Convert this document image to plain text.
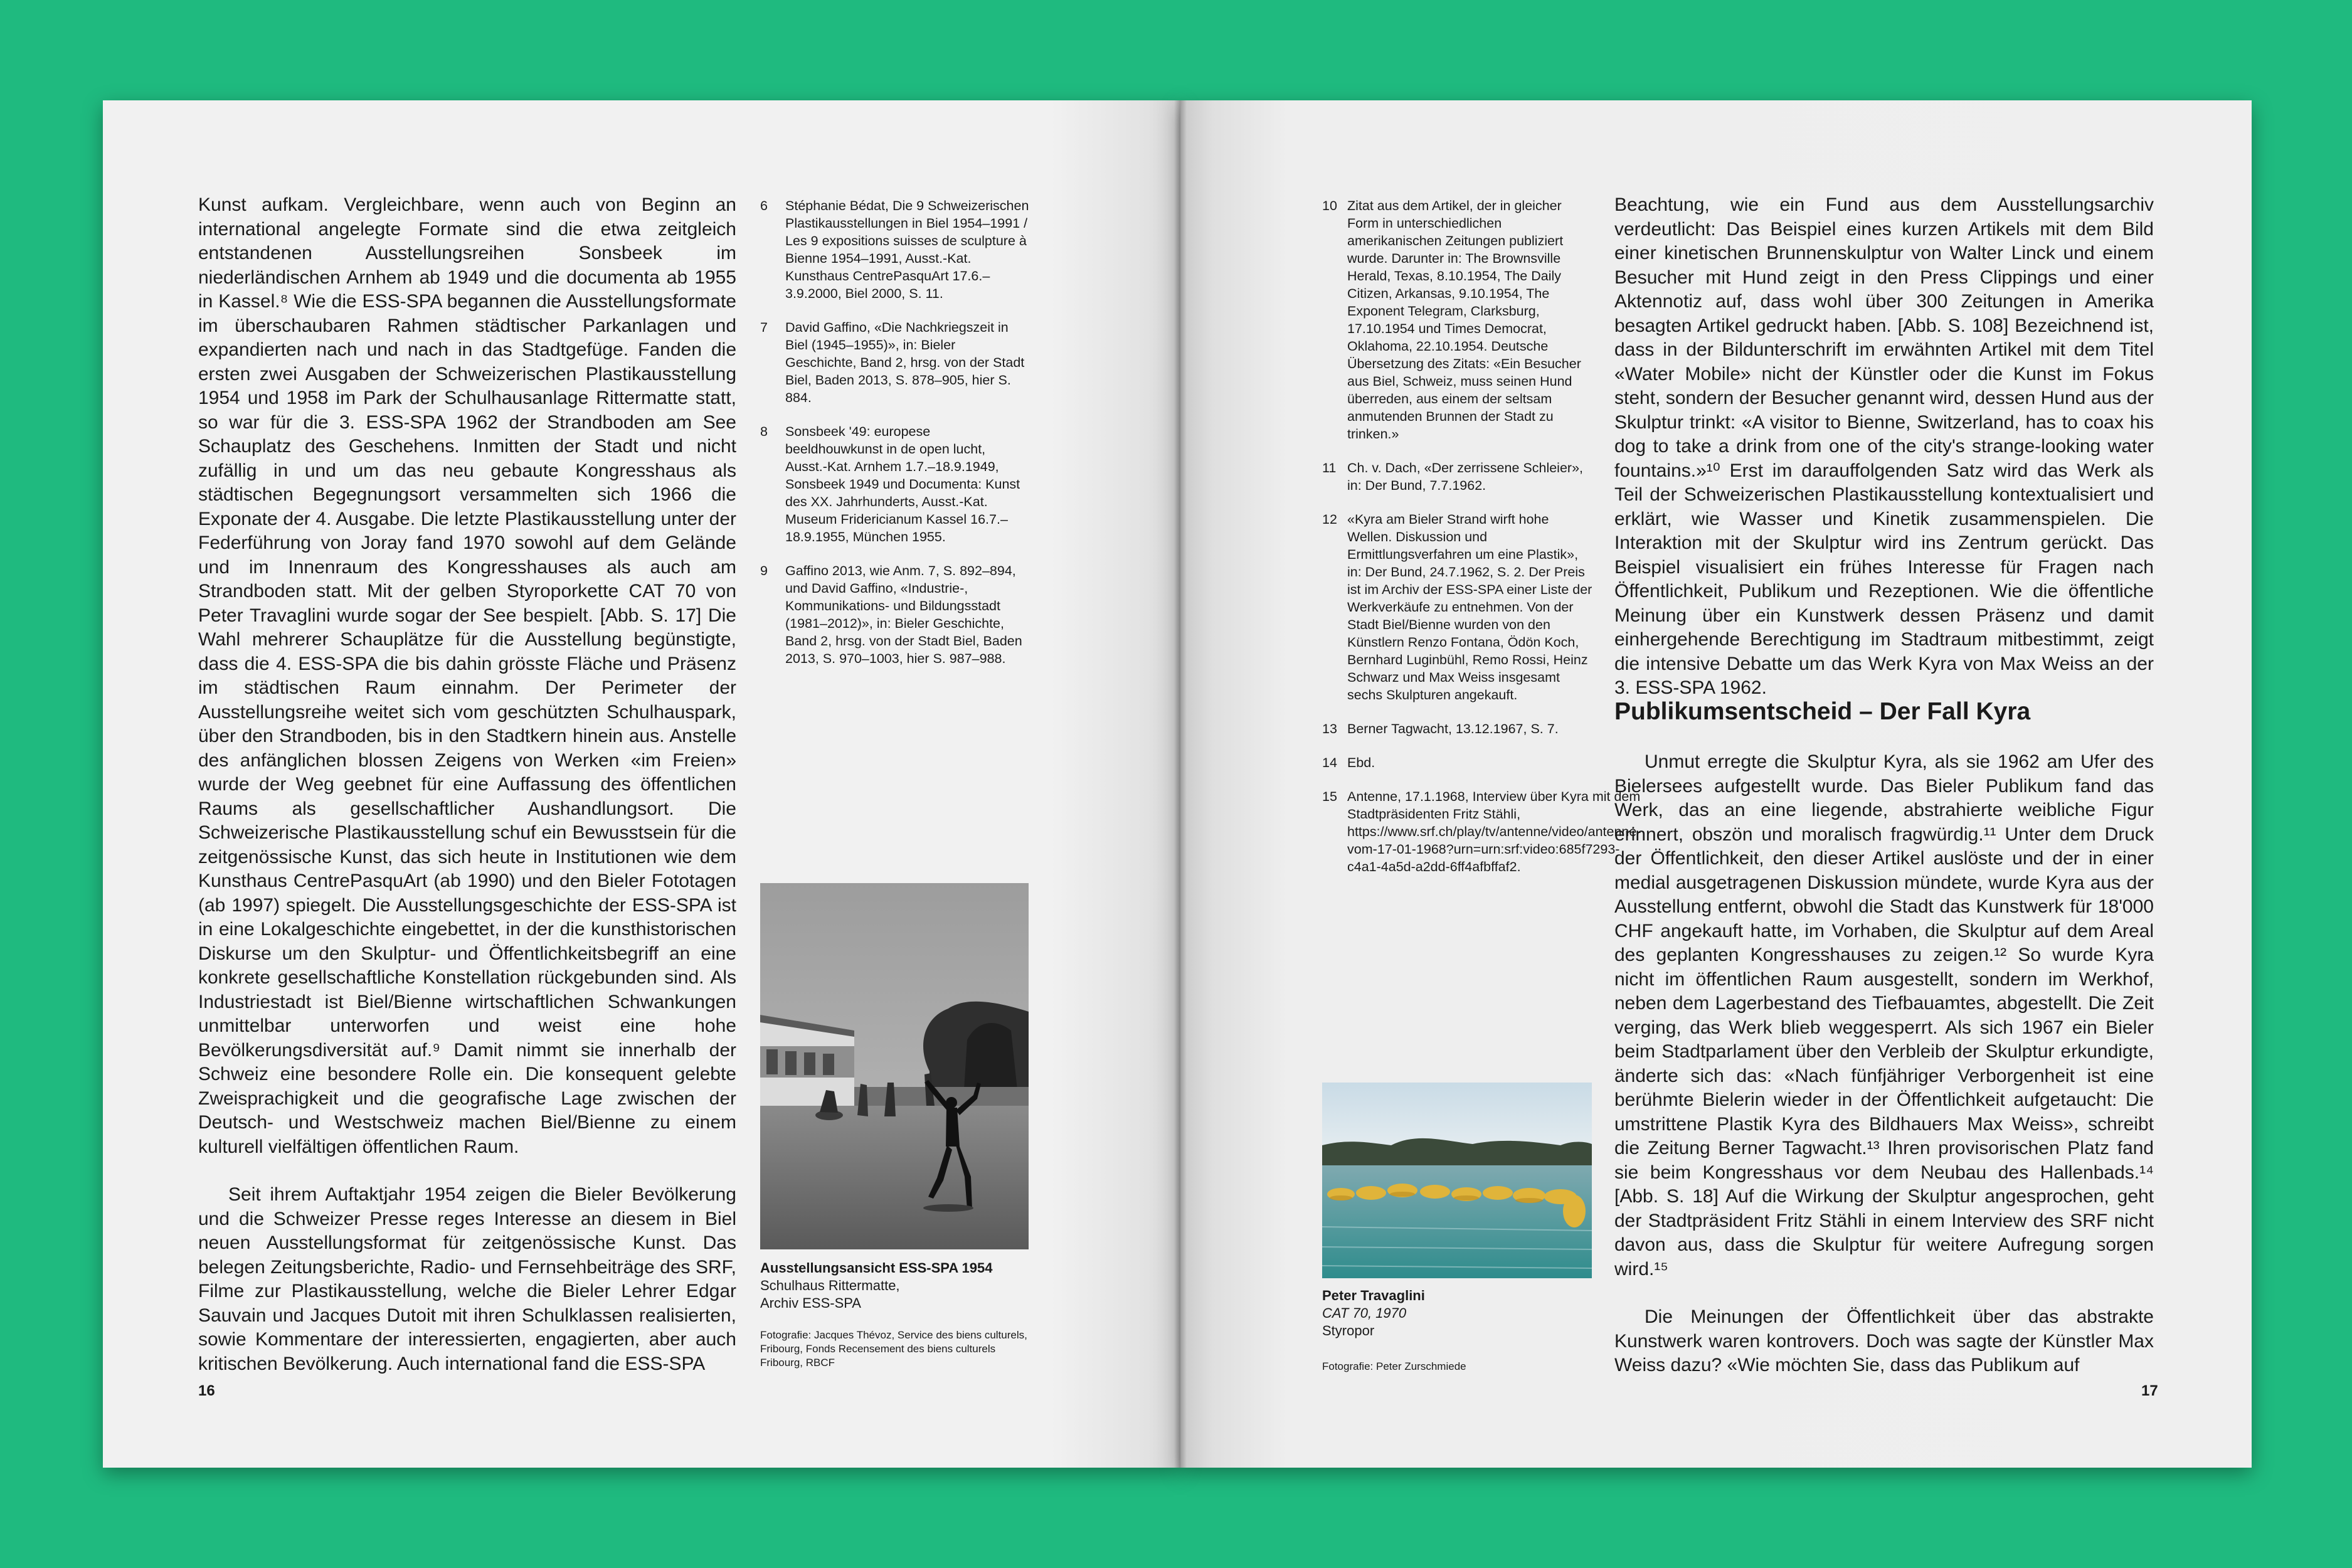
Kunst aufkam. Vergleichbare, wenn auch von Beginn an international angelegte Formate sind die etwa zeitgleich entstandenen Ausstellungsreihen Sonsbeek im niederländischen Arnhem ab 1949 und die documenta ab 1955 in Kassel.⁸ Wie die ESS-SPA begannen die Ausstellungsformate im überschaubaren Rahmen städtischer Parkanlagen und expandierten nach und nach in das Stadtgefüge. Fanden die ersten zwei Ausgaben der Schweizerischen Plastikausstellung 1954 und 1958 im Park der Schulhausanlage Rittermatte statt, so war für die 3. ESS-SPA 1962 der Strandboden am See Schauplatz des Geschehens. Inmitten der Stadt und nicht zufällig in und um das neu gebaute Kongresshaus als städtischen Begegnungsort versammelten sich 1966 die Exponate der 4. Ausgabe. Die letzte Plastikausstellung unter der Federführung von Joray fand 1970 sowohl auf dem Gelände und im Innenraum des Kongresshauses als auch am Strandboden statt. Mit der gelben Styroporkette CAT 70 von Peter Travaglini wurde sogar der See bespielt. [Abb. S. 17] Die Wahl mehrerer Schauplätze für die Ausstellung begünstigte, dass die 4. ESS-SPA die bis dahin grösste Fläche und Präsenz im städtischen Raum einnahm. Der Perimeter der Ausstellungsreihe weitet sich vom geschützten Schulhauspark, über den Strandboden, bis in den Stadtkern hinein aus. Anstelle des anfänglichen blossen Zeigens von Werken «im Freien» wurde der Weg geebnet für eine Auffassung des öffentlichen Raums als gesellschaftlicher Aushandlungsort. Die Schweizerische Plastikausstellung schuf ein Bewusstsein für die zeitgenössische Kunst, das sich heute in Institutionen wie dem Kunsthaus CentrePasquArt (ab 1990) und den Bieler Fototagen (ab 1997) spiegelt. Die Ausstellungsgeschichte der ESS-SPA ist in eine Lokalgeschichte eingebettet, in der die kunsthistorischen Diskurse um den Skulptur- und Öffentlichkeitsbegriff an eine konkrete gesellschaftliche Konstellation rückgebunden sind. Als Industriestadt ist Biel/Bienne wirtschaftlichen Schwankungen unmittelbar unterworfen und weist eine hohe Bevölkerungsdiversität auf.⁹ Damit nimmt sie innerhalb der Schweiz eine besondere Rolle ein. Die konsequent gelebte Zweisprachigkeit und die geografische Lage zwischen der Deutsch- und Westschweiz machen Biel/Bienne zu einem kulturell vielfältigen öffentlichen Raum.

Seit ihrem Auftaktjahr 1954 zeigen die Bieler Bevölkerung und die Schweizer Presse reges Interesse an diesem in Biel neuen Ausstellungsformat für zeitgenössische Kunst. Das belegen Zeitungsberichte, Radio- und Fernsehbeiträge des SRF, Filme zur Plastikausstellung, welche die Bieler Lehrer Edgar Sauvain und Jacques Dutoit mit ihren Schulklassen realisierten, sowie Kommentare der interessierten, engagierten, aber auch kritischen Bevölkerung. Auch international fand die ESS-SPA

6	Stéphanie Bédat, Die 9 Schweizerischen Plastikausstellungen in Biel 1954–1991 / Les 9 expositions suisses de sculpture à Bienne 1954–1991, Ausst.-Kat. Kunsthaus CentrePasquArt 17.6.–3.9.2000, Biel 2000, S. 11.
7	David Gaffino, «Die Nachkriegszeit in Biel (1945–1955)», in: Bieler Geschichte, Band 2, hrsg. von der Stadt Biel, Baden 2013, S. 878–905, hier S. 884.
8	Sonsbeek '49: europese beeldhouwkunst in de open lucht, Ausst.-Kat. Arnhem 1.7.–18.9.1949, Sonsbeek 1949 und Documenta: Kunst des XX. Jahrhunderts, Ausst.-Kat. Museum Fridericianum Kassel 16.7.–18.9.1955, München 1955.
9	Gaffino 2013, wie Anm. 7, S. 892–894, und David Gaffino, «Industrie-, Kommunikations- und Bildungsstadt (1981–2012)», in: Bieler Geschichte, Band 2, hrsg. von der Stadt Biel, Baden 2013, S. 970–1003, hier S. 987–988.
Ausstellungsansicht ESS-SPA 1954
Schulhaus Rittermatte,
Archiv ESS-SPA
Fotografie: Jacques Thévoz, Service des biens culturels, Fribourg, Fonds Recensement des biens culturels Fribourg, RBCF
16
10 Zitat aus dem Artikel, der in gleicher Form in unterschiedlichen amerikanischen Zeitungen publiziert wurde. Darunter in: The Brownsville Herald, Texas, 8.10.1954, The Daily Citizen, Arkansas, 9.10.1954, The Exponent Telegram, Clarksburg, 17.10.1954 und Times Democrat, Oklahoma, 22.10.1954. Deutsche Übersetzung des Zitats: «Ein Besucher aus Biel, Schweiz, muss seinen Hund überreden, aus einem der seltsam anmutenden Brunnen der Stadt zu trinken.»
11 Ch. v. Dach, «Der zerrissene Schleier», in: Der Bund, 7.7.1962.
12 «Kyra am Bieler Strand wirft hohe Wellen. Diskussion und Ermittlungsverfahren um eine Plastik», in: Der Bund, 24.7.1962, S. 2. Der Preis ist im Archiv der ESS-SPA einer Liste der Werkverkäufe zu entnehmen. Von der Stadt Biel/Bienne wurden von den Künstlern Renzo Fontana, Ödön Koch, Bernhard Luginbühl, Remo Rossi, Heinz Schwarz und Max Weiss insgesamt sechs Skulpturen angekauft.
13 Berner Tagwacht, 13.12.1967, S. 7.
14 Ebd.
15 Antenne, 17.1.1968, Interview über Kyra mit dem Stadtpräsidenten Fritz Stähli, https://www.srf.ch/play/tv/antenne/video/antenne-vom-17-01-1968?urn=urn:srf:video:685f7293-c4a1-4a5d-a2dd-6ff4afbffaf2.
Peter Travaglini
CAT 70, 1970
Styropor
Fotografie: Peter Zurschmiede

Beachtung, wie ein Fund aus dem Ausstellungsarchiv verdeutlicht: Das Beispiel eines kurzen Artikels mit dem Bild einer kinetischen Brunnenskulptur von Walter Linck und einem Besucher mit Hund zeigt in den Press Clippings und einer Aktennotiz auf, dass wohl über 300 Zeitungen in Amerika besagten Artikel gedruckt haben. [Abb. S. 108] Bezeichnend ist, dass in der Bildunterschrift im erwähnten Artikel mit dem Titel «Water Mobile» nicht der Künstler oder die Kunst im Fokus steht, sondern der Besucher genannt wird, dessen Hund aus der Skulptur trinkt: «A visitor to Bienne, Switzerland, has to coax his dog to take a drink from one of the city's strange-looking water fountains.»¹⁰ Erst im darauffolgenden Satz wird das Werk als Teil der Schweizerischen Plastikausstellung kontextualisiert und erklärt, wie Wasser und Kinetik zusammenspielen. Die Interaktion mit der Skulptur wird ins Zentrum gerückt. Das Beispiel visualisiert ein frühes Interesse für Fragen nach Öffentlichkeit, Publikum und Rezeptionen. Wie die öffentliche Meinung über ein Kunstwerk dessen Präsenz und damit einhergehende Berechtigung im Stadtraum mitbestimmt, zeigt die intensive Debatte um das Werk Kyra von Max Weiss an der 3. ESS-SPA 1962.

Publikumsentscheid – Der Fall Kyra

Unmut erregte die Skulptur Kyra, als sie 1962 am Ufer des Bielersees aufgestellt wurde. Das Bieler Publikum fand das Werk, das an eine liegende, abstrahierte weibliche Figur erinnert, obszön und moralisch fragwürdig.¹¹ Unter dem Druck der Öffentlichkeit, den dieser Artikel auslöste und der in einer medial ausgetragenen Diskussion mündete, wurde Kyra aus der Ausstellung entfernt, obwohl die Stadt das Kunstwerk für 18'000 CHF angekauft hatte, im Vorhaben, die Skulptur auf dem Areal des geplanten Kongresshauses zu zeigen.¹² So wurde Kyra nicht im öffentlichen Raum ausgestellt, sondern im Werkhof, neben dem Lagerbestand des Tiefbauamtes, abgestellt. Die Zeit verging, das Werk blieb weggesperrt. Als sich 1967 ein Bieler beim Stadtparlament über den Verbleib der Skulptur erkundigte, änderte sich das: «Nach fünfjähriger Verborgenheit ist eine berühmte Bielerin wieder in der Öffentlichkeit aufgetaucht: Die umstrittene Plastik Kyra des Bildhauers Max Weiss», schreibt die Zeitung Berner Tagwacht.¹³ Ihren provisorischen Platz fand sie beim Kongresshaus vor dem Neubau des Hallenbads.¹⁴ [Abb. S. 18] Auf die Wirkung der Skulptur angesprochen, geht der Stadtpräsident Fritz Stähli in einem Interview des SRF nicht davon aus, dass die Skulptur für weitere Aufregung sorgen wird.¹⁵

Die Meinungen der Öffentlichkeit über das abstrakte Kunstwerk waren kontrovers. Doch was sagte der Künstler Max Weiss dazu? «Wie möchten Sie, dass das Publikum auf

17
